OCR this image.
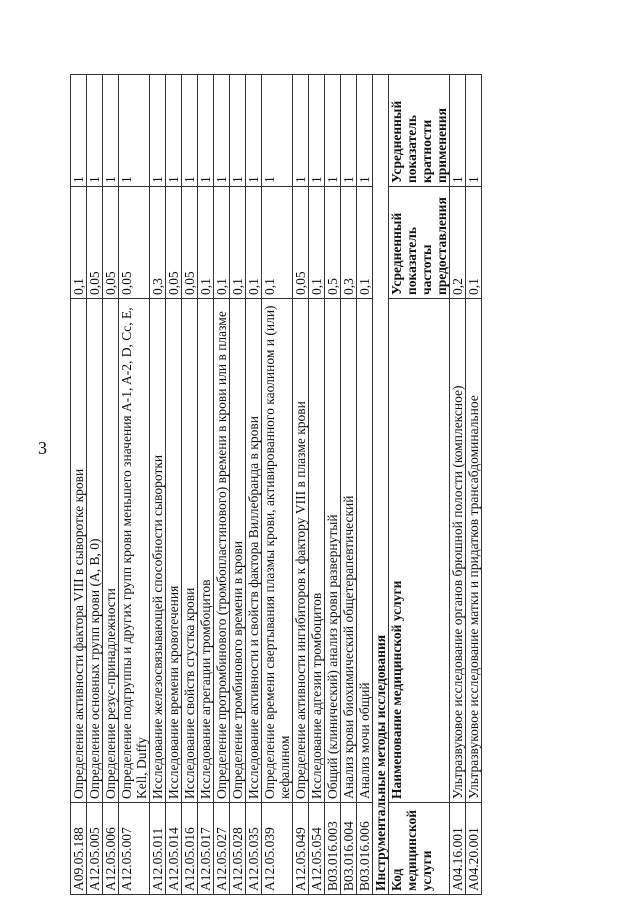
3
A09.05.188	Определение активности фактора VIII в сыворотке крови	0,1	1
A12.05.005	Определение основных групп крови (A, B, 0)	0,05	1
A12.05.006	Определение резус-принадлежности	0,05	1
A12.05.007	Определение подгруппы и других групп крови меньшего значения A-1, A-2, D, Cc, E, Kell, Duffy	0,05	1
A12.05.011	Исследование железосвязывающей способности сыворотки	0,3	1
A12.05.014	Исследование времени кровотечения	0,05	1
A12.05.016	Исследование свойств сгустка крови	0,05	1
A12.05.017	Исследование агрегации тромбоцитов	0,1	1
A12.05.027	Определение протромбинового (тромбопластинового) времени в крови или в плазме	0,1	1
A12.05.028	Определение тромбинового времени в крови	0,1	1
A12.05.035	Исследование активности и свойств фактора Виллебранда в крови	0,1	1
A12.05.039	Определение времени свертывания плазмы крови, активированного каолином и (или) кефалином	0,1	1
A12.05.049	Определение активности ингибиторов к фактору VIII в плазме крови	0,05	1
A12.05.054	Исследование адгезии тромбоцитов	0,1	1
B03.016.003	Общий (клинический) анализ крови развернутый	0,5	1
B03.016.004	Анализ крови биохимический общетерапевтический	0,3	1
B03.016.006	Анализ мочи общий	0,1	1
Инструментальные методы исследования			
Код медицинской услуги	Наименование медицинской услуги	Усредненный показатель частоты предоставления	Усредненный показатель кратности применения
A04.16.001	Ультразвуковое исследование органов брюшной полости (комплексное)	0,2	1
A04.20.001	Ультразвуковое исследование матки и придатков трансабдоминальное	0,1	1
